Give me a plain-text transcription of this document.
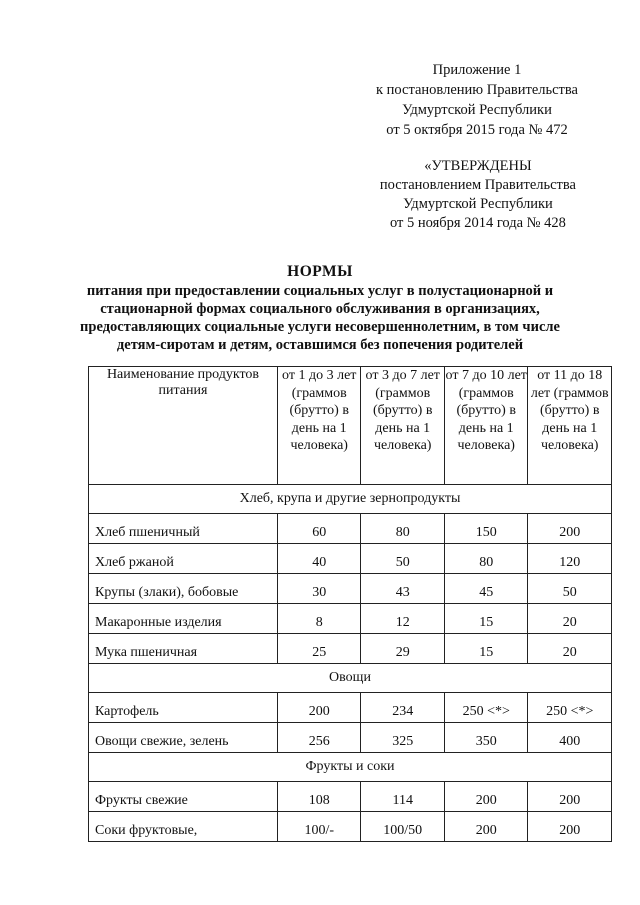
Приложение 1
к постановлению Правительства
Удмуртской Республики
от 5 октября 2015 года № 472
«УТВЕРЖДЕНЫ
постановлением Правительства
Удмуртской Республики
от 5 ноября 2014 года № 428
НОРМЫ
питания при предоставлении социальных услуг в полустационарной и стационарной формах социального обслуживания в организациях, предоставляющих социальные услуги несовершеннолетним, в том числе детям-сиротам и детям, оставшимся без попечения родителей
Наименование продуктов питания	от 1 до 3 лет (граммов (брутто) в день на 1 человека)	от 3 до 7 лет (граммов (брутто) в день на 1 человека)	от 7 до 10 лет (граммов (брутто) в день на 1 человека)	от 11 до 18 лет (граммов (брутто) в день на 1 человека)
Хлеб, крупа и другие зернопродукты				
Хлеб пшеничный	60	80	150	200
Хлеб ржаной	40	50	80	120
Крупы (злаки), бобовые	30	43	45	50
Макаронные изделия	8	12	15	20
Мука пшеничная	25	29	15	20
Овощи				
Картофель	200	234	250 <*>	250 <*>
Овощи свежие, зелень	256	325	350	400
Фрукты и соки				
Фрукты свежие	108	114	200	200
Соки фруктовые,	100/-	100/50	200	200
